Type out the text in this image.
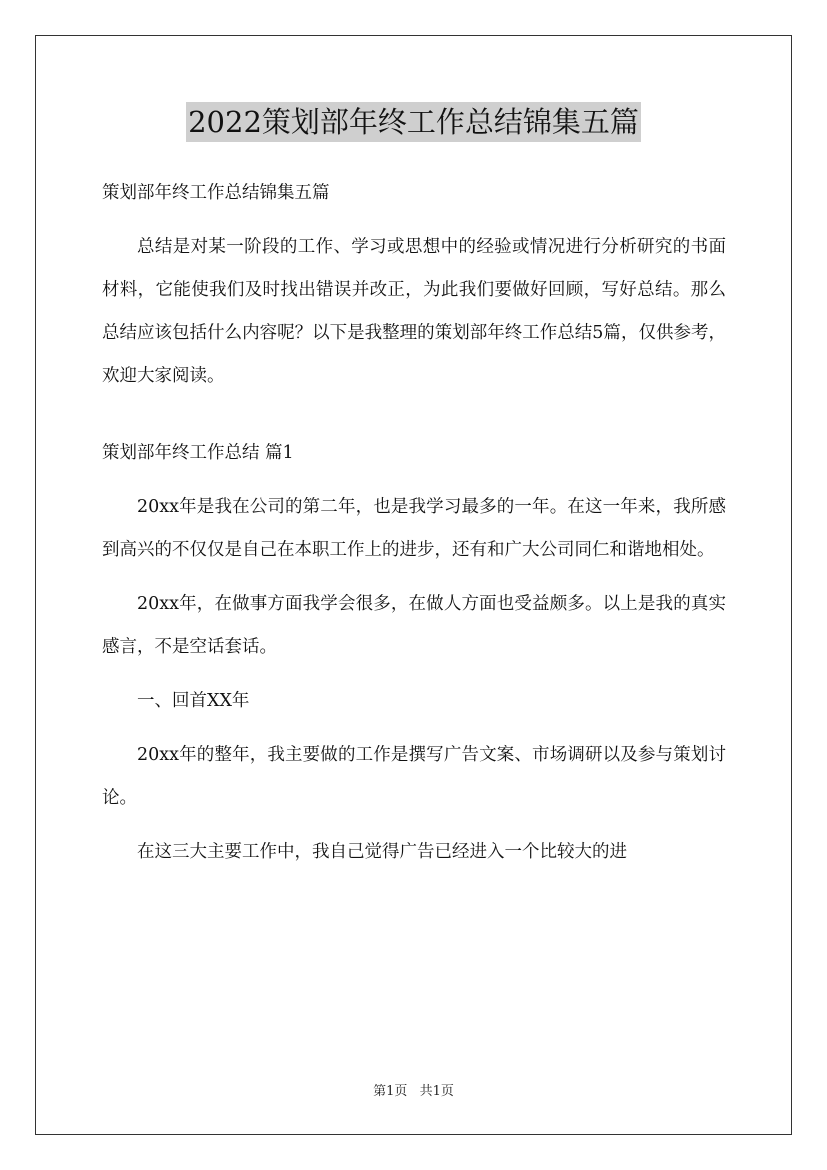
2022策划部年终工作总结锦集五篇

策划部年终工作总结锦集五篇

总结是对某一阶段的工作、学习或思想中的经验或情况进行分析研究的书面材料，它能使我们及时找出错误并改正，为此我们要做好回顾，写好总结。那么总结应该包括什么内容呢？以下是我整理的策划部年终工作总结5篇，仅供参考，欢迎大家阅读。

策划部年终工作总结 篇1

20xx年是我在公司的第二年，也是我学习最多的一年。在这一年来，我所感到高兴的不仅仅是自己在本职工作上的进步，还有和广大公司同仁和谐地相处。

20xx年，在做事方面我学会很多，在做人方面也受益颇多。以上是我的真实感言，不是空话套话。

一、回首XX年

20xx年的整年，我主要做的工作是撰写广告文案、市场调研以及参与策划讨论。

在这三大主要工作中，我自己觉得广告已经进入一个比较大的进

第1页 共1页
